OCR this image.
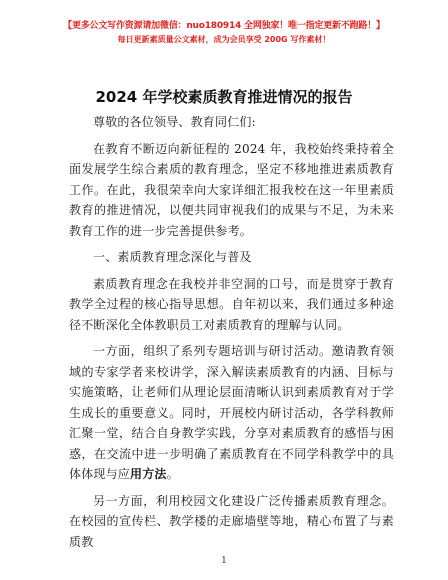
【更多公文写作资源请加微信：nuo180914 全网独家！唯一指定更新不跑路！】
每日更新素质量公文素材，成为会员享受 200G 写作素材！
2024 年学校素质教育推进情况的报告

尊敬的各位领导、教育同仁们:

在教育不断迈向新征程的 2024 年，我校始终秉持着全面发展学生综合素质的教育理念，坚定不移地推进素质教育工作。在此，我很荣幸向大家详细汇报我校在这一年里素质教育的推进情况，以便共同审视我们的成果与不足，为未来教育工作的进一步完善提供参考。

一、素质教育理念深化与普及

素质教育理念在我校并非空洞的口号，而是贯穿于教育教学全过程的核心指导思想。自年初以来，我们通过多种途径不断深化全体教职员工对素质教育的理解与认同。

一方面，组织了系列专题培训与研讨活动。邀请教育领域的专家学者来校讲学，深入解读素质教育的内涵、目标与实施策略，让老师们从理论层面清晰认识到素质教育对于学生成长的重要意义。同时，开展校内研讨活动，各学科教师汇聚一堂，结合自身教学实践，分享对素质教育的感悟与困惑，在交流中进一步明确了素质教育在不同学科教学中的具体体现与应用方法。

另一方面，利用校园文化建设广泛传播素质教育理念。在校园的宣传栏、教学楼的走廊墙壁等地，精心布置了与素质教

1
